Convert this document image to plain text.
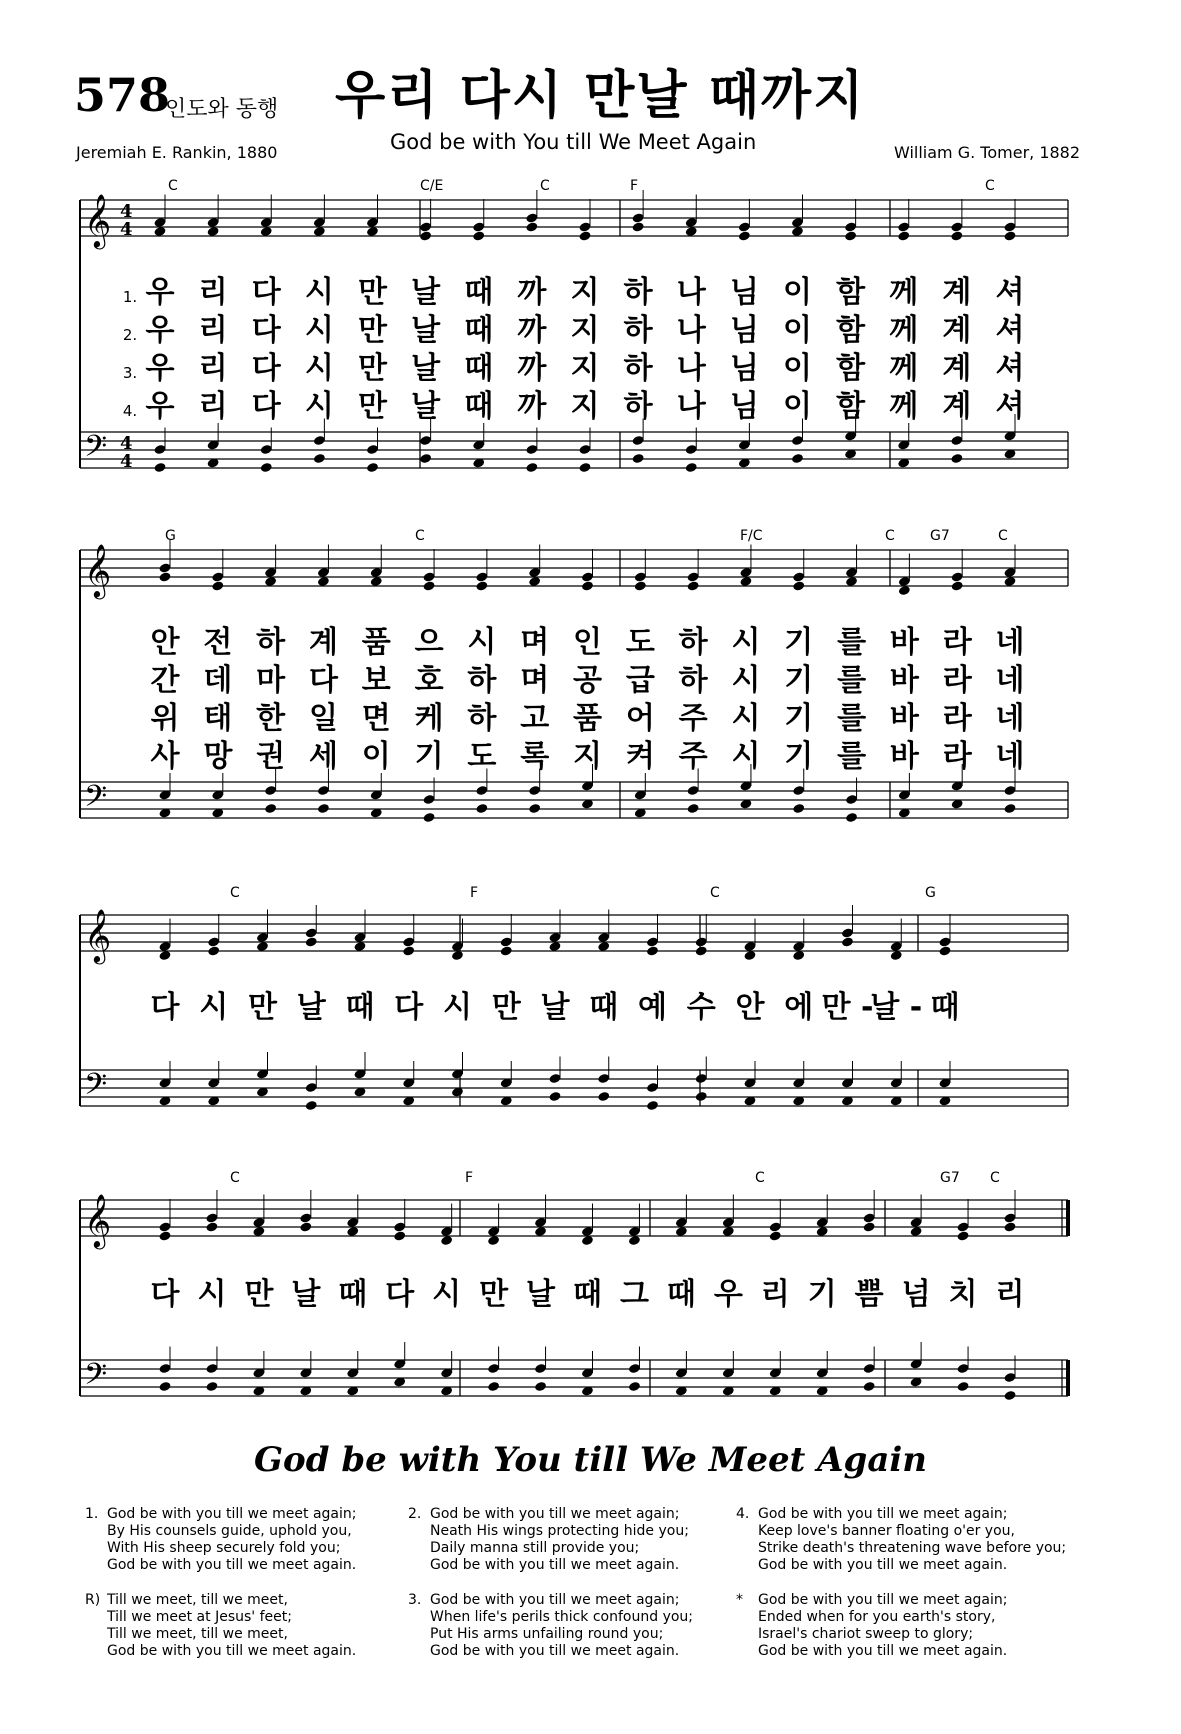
578
인도와 동행 우리 다시 만날 때까지
God be with You till We Meet Again
Jeremiah E. Rankin, 1880	William G. Tomer, 1882
𝄞
𝄢
4
4
4
4
C	C/E	C	F	C
1.
2.
3.
4.
우 리 다 시 만 날 때 까 지 하 나 님 이 함 께 계 셔
우 리 다 시 만 날 때 까 지 하 나 님 이 함 께 계 셔
우 리 다 시 만 날 때 까 지 하 나 님 이 함 께 계 셔
우 리 다 시 만 날 때 까 지 하 나 님 이 함 께 계 셔
𝄞
𝄢
G	C	F/C	C	G7	C
안 전 하 계 품 으 시 며 인 도 하 시 기 를 바 라 네
간 데 마 다 보 호 하 며 공 급 하 시 기 를 바 라 네
위 태 한 일 면 케 하 고 품 어 주 시 기 를 바 라 네
사 망 권 세 이 기 도 록 지 켜 주 시 기 를 바 라 네
𝄞
𝄢
C	F	C	G
다 시 만 날 때 다 시 만 날 때 예 수 안 에 만 -
날 - 때
𝄞
𝄢
C	F	C	G7 C
다 시 만 날 때 다 시 만 날 때 그 때 우 리 기 쁨 넘 치 리
God be with You till We Meet Again
1. God be with you till we meet again;
By His counsels guide, uphold you,
With His sheep securely fold you;
God be with you till we meet again.
2. God be with you till we meet again;
Neath His wings protecting hide you;
Daily manna still provide you;
God be with you till we meet again.
4. God be with you till we meet again;
Keep love's banner floating o'er you,
Strike death's threatening wave before you;
God be with you till we meet again.
R) Till we meet, till we meet,
Till we meet at Jesus' feet;
Till we meet, till we meet,
God be with you till we meet again.
3. God be with you till we meet again;
When life's perils thick confound you;
Put His arms unfailing round you;
God be with you till we meet again.
* God be with you till we meet again;
Ended when for you earth's story,
Israel's chariot sweep to glory;
God be with you till we meet again.
